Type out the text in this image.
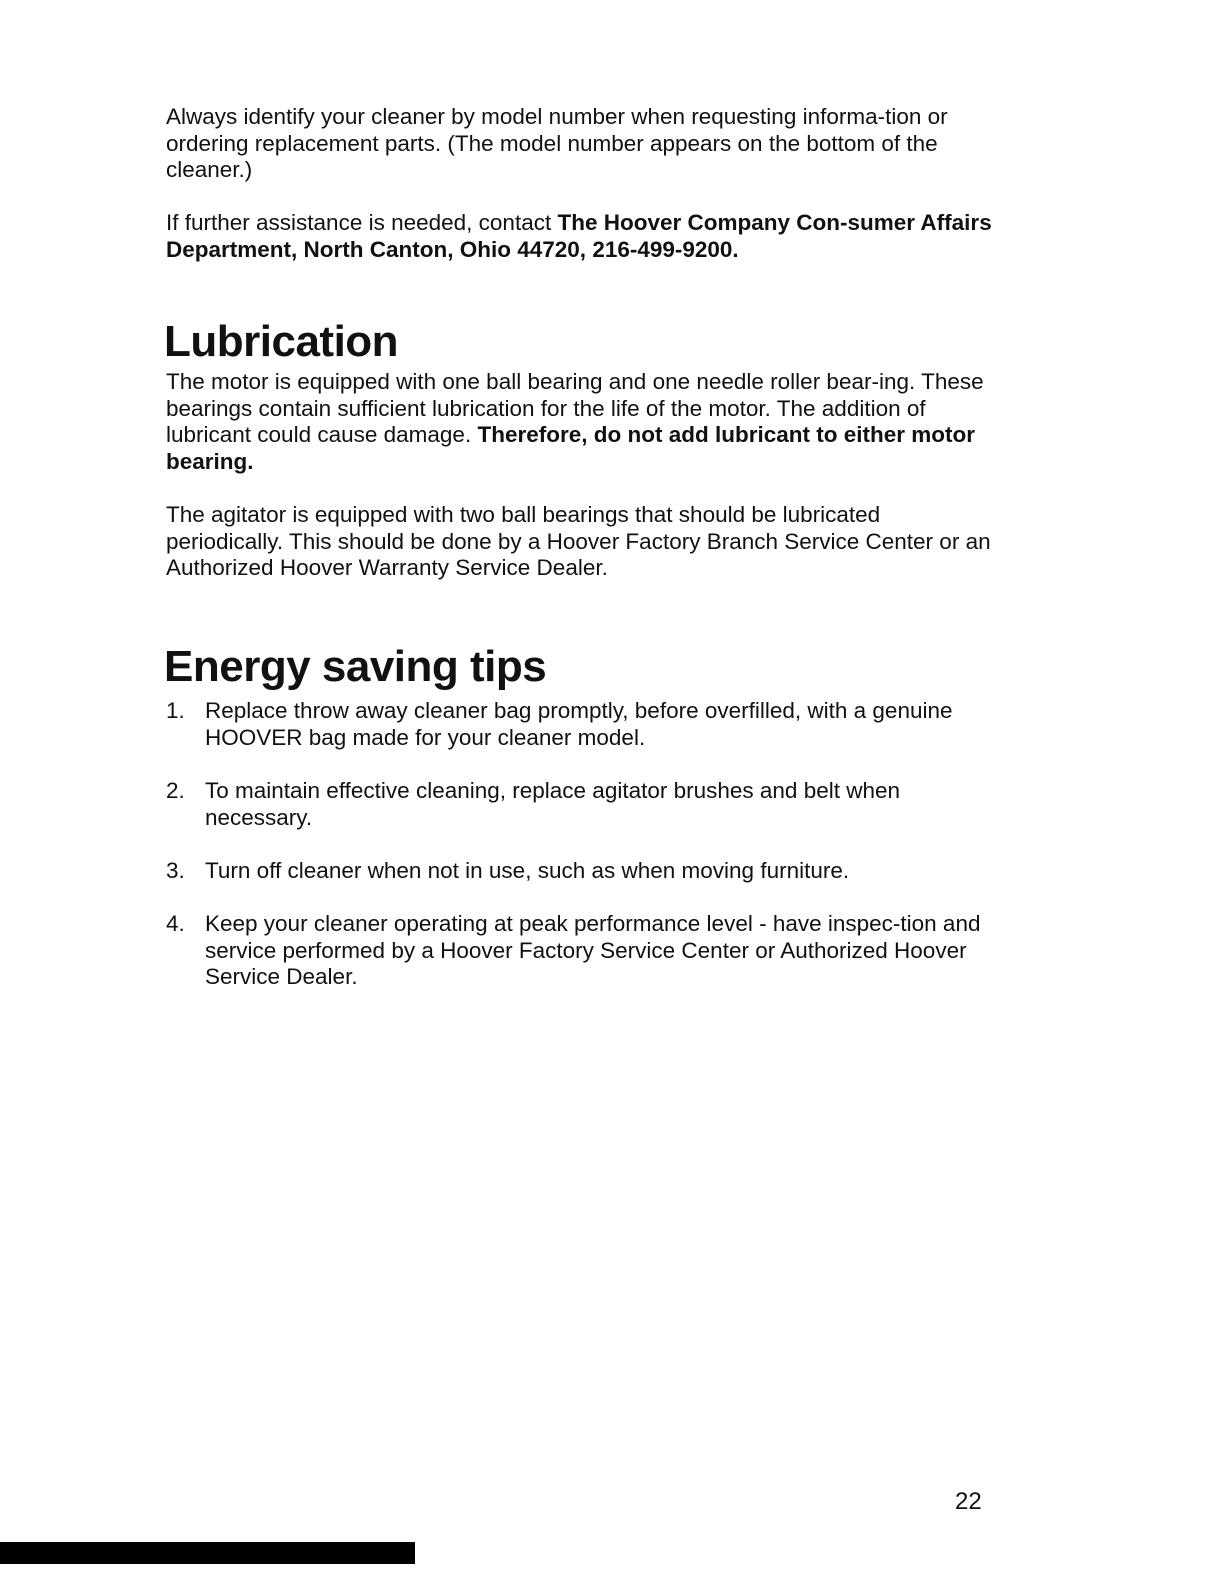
Always identify your cleaner by model number when requesting informa-tion or ordering replacement parts. (The model number appears on the bottom of the cleaner.)

If further assistance is needed, contact The Hoover Company Con-sumer Affairs Department, North Canton, Ohio 44720, 216-499-9200.

Lubrication

The motor is equipped with one ball bearing and one needle roller bear-ing. These bearings contain sufficient lubrication for the life of the motor. The addition of lubricant could cause damage. Therefore, do not add lubricant to either motor bearing.

The agitator is equipped with two ball bearings that should be lubricated periodically. This should be done by a Hoover Factory Branch Service Center or an Authorized Hoover Warranty Service Dealer.

Energy saving tips
1. Replace throw away cleaner bag promptly, before overfilled, with a genuine HOOVER bag made for your cleaner model.
2. To maintain effective cleaning, replace agitator brushes and belt when necessary.
3. Turn off cleaner when not in use, such as when moving furniture.
4. Keep your cleaner operating at peak performance level - have inspec-tion and service performed by a Hoover Factory Service Center or Authorized Hoover Service Dealer.
22
